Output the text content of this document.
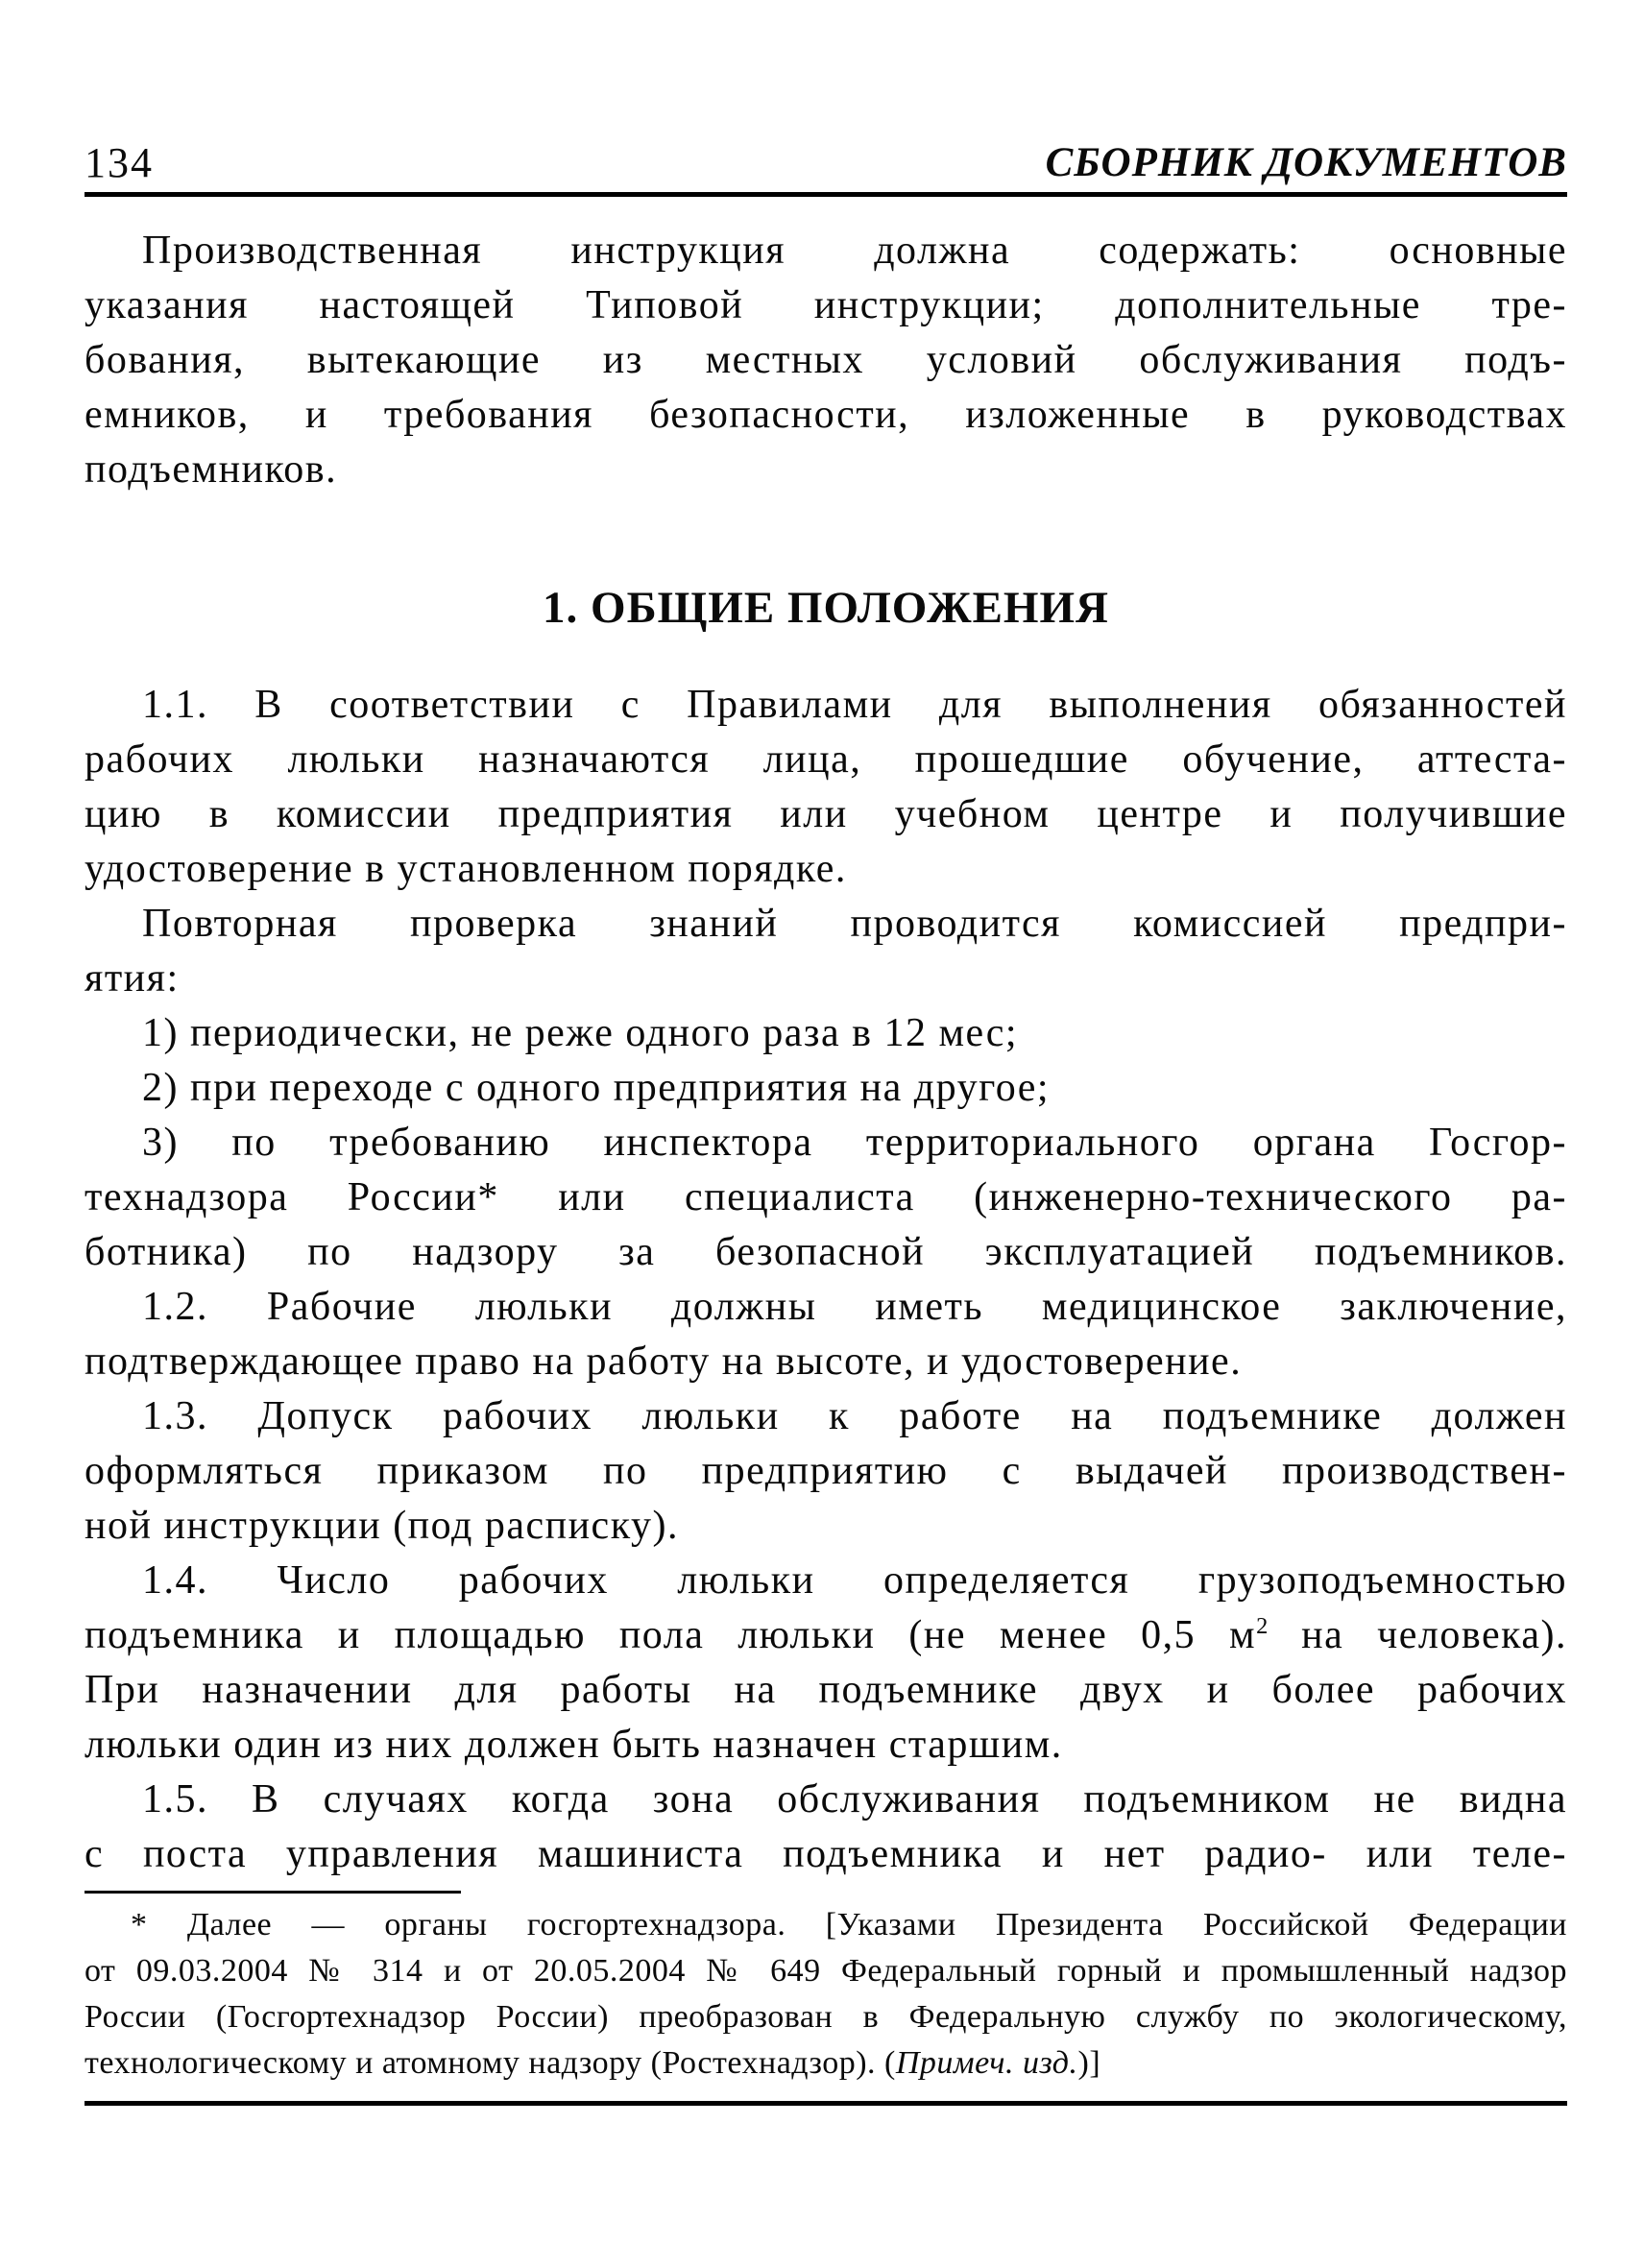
134	СБОРНИК ДОКУМЕНТОВ

Производственная инструкция должна содержать: основные
указания настоящей Типовой инструкции; дополнительные тре-
бования, вытекающие из местных условий обслуживания подъ-
емников, и требования безопасности, изложенные в руководствах
подъемников.

1. ОБЩИЕ ПОЛОЖЕНИЯ

1.1. В соответствии с Правилами для выполнения обязанностей
рабочих люльки назначаются лица, прошедшие обучение, аттеста-
цию в комиссии предприятия или учебном центре и получившие
удостоверение в установленном порядке.

Повторная проверка знаний проводится комиссией предпри-
ятия:

1) периодически, не реже одного раза в 12 мес;

2) при переходе с одного предприятия на другое;

3) по требованию инспектора территориального органа Госгор-
технадзора России* или специалиста (инженерно-технического ра-
ботника) по надзору за безопасной эксплуатацией подъемников.

1.2. Рабочие люльки должны иметь медицинское заключение,
подтверждающее право на работу на высоте, и удостоверение.

1.3. Допуск рабочих люльки к работе на подъемнике должен
оформляться приказом по предприятию с выдачей производствен-
ной инструкции (под расписку).

1.4. Число рабочих люльки определяется грузоподъемностью
подъемника и площадью пола люльки (не менее 0,5 $м^2$ на человека).
При назначении для работы на подъемнике двух и более рабочих
люльки один из них должен быть назначен старшим.

1.5. В случаях когда зона обслуживания подъемником не видна
с поста управления машиниста подъемника и нет радио- или теле-

* Далее — органы госгортехнадзора. [Указами Президента Российской Федерации
от 09.03.2004 № 314 и от 20.05.2004 № 649 Федеральный горный и промышленный надзор
России (Госгортехнадзор России) преобразован в Федеральную службу по экологическому,
технологическому и атомному надзору (Ростехнадзор). (Примеч. изд.)]
